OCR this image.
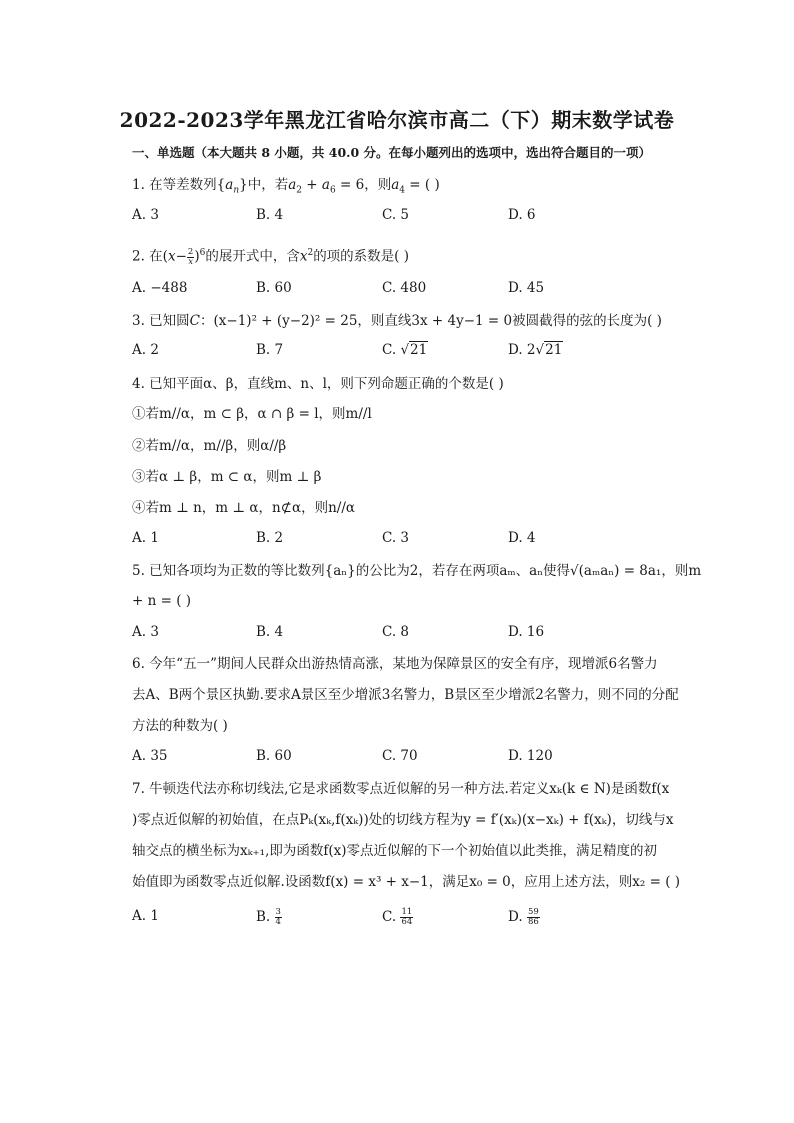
2022-2023学年黑龙江省哈尔滨市高二（下）期末数学试卷
一、单选题（本大题共 8 小题，共 40.0 分。在每小题列出的选项中，选出符合题目的一项）
1. 在等差数列$\{a_n\}$中，若$a_2 + a_6 = 6$，则$a_4$ = ( )
A. 3	B. 4	C. 5	D. 6
2. 在$(x- \frac{2}{x} )^6$的展开式中，含$x^2$的项的系数是( )
A. −488	B. 60	C. 480	D. 45
3. 已知圆C：(x−1)² + (y−2)² = 25，则直线3x + 4y−1 = 0被圆截得的弦的长度为( )
A. 2	B. 7	C. √21	D. 2√21
4. 已知平面α、β，直线m、n、l，则下列命题正确的个数是( )
①若m//α，m ⊂ β，α ∩ β = l，则m//l
②若m//α，m//β，则α//β
③若α ⊥ β，m ⊂ α，则m ⊥ β
④若m ⊥ n，m ⊥ α，n⊄α，则n//α
A. 1	B. 2	C. 3	D. 4
5. 已知各项均为正数的等比数列{aₙ}的公比为2，若存在两项aₘ、aₙ使得√(aₘaₙ) = 8a₁，则m
+ n = ( )
A. 3	B. 4	C. 8	D. 16
6. 今年“五一”期间人民群众出游热情高涨，某地为保障景区的安全有序，现增派6名警力
去A、B两个景区执勤.要求A景区至少增派3名警力，B景区至少增派2名警力，则不同的分配
方法的种数为( )
A. 35	B. 60	C. 70	D. 120
7. 牛顿迭代法亦称切线法,它是求函数零点近似解的另一种方法.若定义xₖ(k ∈ N)是函数f(x
)零点近似解的初始值，在点Pₖ(xₖ,f(xₖ))处的切线方程为y = f′(xₖ)(x−xₖ) + f(xₖ)，切线与x
轴交点的横坐标为xₖ₊₁,即为函数f(x)零点近似解的下一个初始值以此类推，满足精度的初
始值即为函数零点近似解.设函数f(x) = x³ + x−1，满足x₀ = 0，应用上述方法，则x₂ = ( )
A. 1	B. $\frac{3}{4}$	C. $\frac{11}{64}$	D. $\frac{59}{86}$
